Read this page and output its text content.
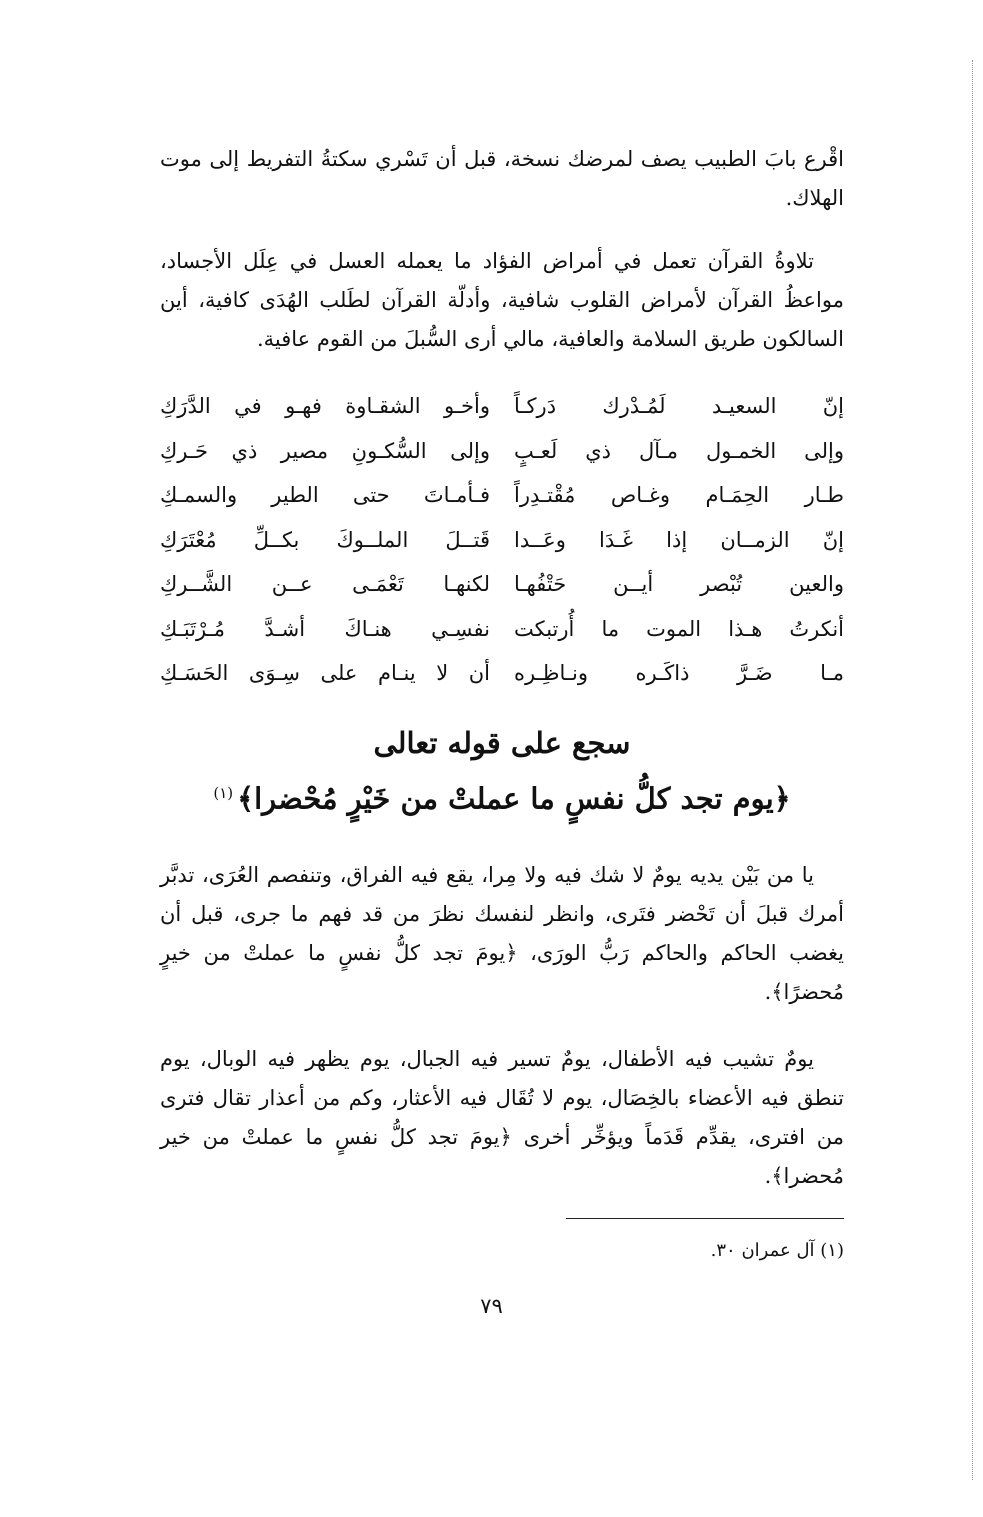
اقْرع بابَ الطبيب يصف لمرضك نسخة، قبل أن تَسْري سكتةُ التفريط إلى موت الهلاك.

تلاوةُ القرآن تعمل في أمراض الفؤاد ما يعمله العسل في عِلَل الأجساد، مواعظُ القرآن لأمراض القلوب شافية، وأدلّة القرآن لطَلب الهُدَى كافية، أين السالكون طريق السلامة والعافية، مالي أرى السُّبلَ من القوم عافية.

إنّ السعيـد لَمُـدْرك دَركـاً
وأخـو الشقـاوة فهـو في الدَّرَكِ
وإلى الخمـول مـآل ذي لَعـبٍ
وإلى السُّكـونِ مصير ذي حَـركِ
طـار الحِمَـام وغـاص مُقْتـدِراً
فـأمـاتَ حتى الطير والسمـكِ
إنّ الزمــان إذا غَـدَا وعَــدا
قَتــلَ الملــوكَ بكــلِّ مُعْتَرَكِ
والعين تُبْصر أيــن حَتْفُهـا
لكنهـا تَعْمَـى عــن الشَّــركِ
أنكرتُ هـذا الموت ما أُرتبكت
نفسِـي هنـاكَ أشـدَّ مُـرْتَبَـكِ
مـا ضَـرَّ ذاكَـره ونـاظِـره
أن لا ينـام على سِـوَى الحَسَـكِ
سجع على قوله تعالى
﴿يوم تجد كلُّ نفسٍ ما عملتْ من خَيْرٍ مُحْضرا﴾$^{(١)}$

يا من بَيْن يديه يومٌ لا شك فيه ولا مِرا، يقع فيه الفراق، وتنفصم العُرَى، تدبَّر أمرك قبلَ أن تَحْضر فتَرى، وانظر لنفسك نظرَ من قد فهم ما جرى، قبل أن يغضب الحاكم والحاكم رَبُّ الورَى، ﴿يومَ تجد كلُّ نفسٍ ما عملتْ من خيرٍ مُحضرًا﴾.

يومٌ تشيب فيه الأطفال، يومٌ تسير فيه الجبال، يوم يظهر فيه الوبال، يوم تنطق فيه الأعضاء بالخِصَال، يوم لا تُقَال فيه الأعثار، وكم من أعذار تقال فترى من افترى، يقدِّم قَدَماً ويؤخِّر أخرى ﴿يومَ تجد كلُّ نفسٍ ما عملتْ من خير مُحضرا﴾.

(١) آل عمران ٣٠.
٧٩
